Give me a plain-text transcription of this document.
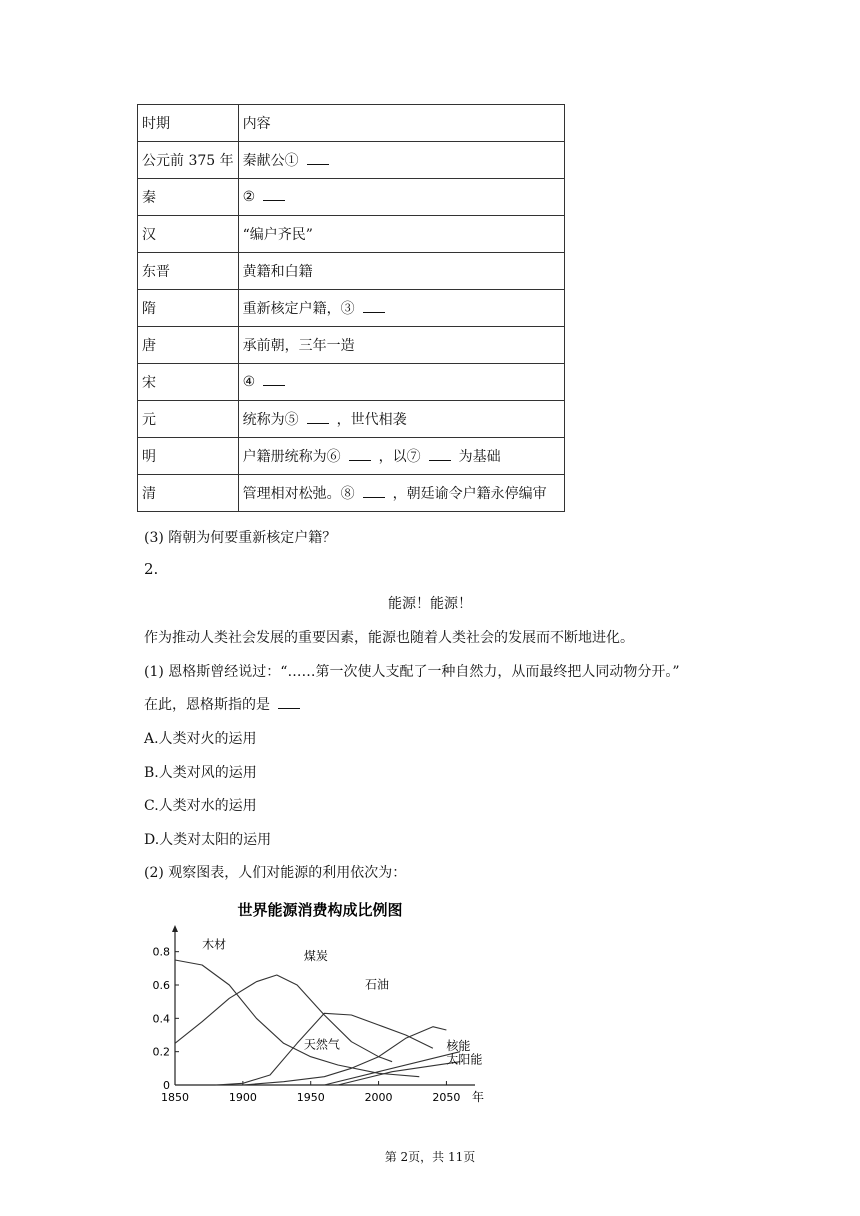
时期	内容
公元前 375 年	秦献公①
秦	②
汉	“编户齐民”
东晋	黄籍和白籍
隋	重新核定户籍，③
唐	承前朝，三年一造
宋	④
元	统称为⑤ ，世代相袭
明	户籍册统称为⑥ ，以⑦ 为基础
清	管理相对松弛。⑧ ，朝廷谕令户籍永停编审
(3) 隋朝为何要重新核定户籍？
2.
能源！能源！
作为推动人类社会发展的重要因素，能源也随着人类社会的发展而不断地进化。
(1) 恩格斯曾经说过：“……第一次使人支配了一种自然力，从而最终把人同动物分开。”
在此，恩格斯指的是
A.人类对火的运用
B.人类对风的运用
C.人类对水的运用
D.人类对太阳的运用
(2) 观察图表，人们对能源的利用依次为：
世界能源消费构成比例图
0
0.2
0.4
0.6
0.8
1850	1900	1950	2000	2050 年
木材
煤炭
石油
天然气	核能
太阳能
第 2页，共 11页
